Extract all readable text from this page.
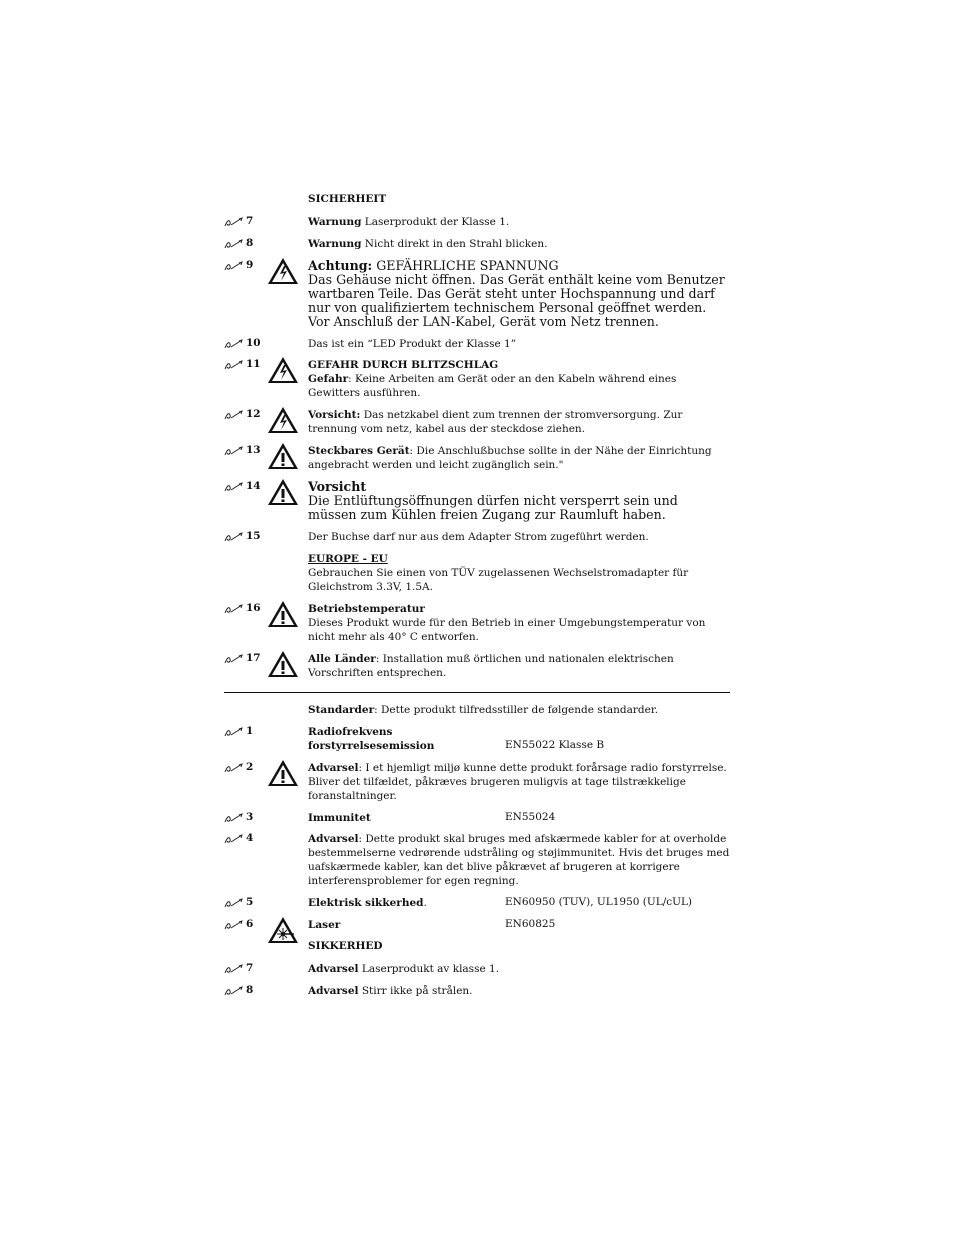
SICHERHEIT
7	Warnung Laserprodukt der Klasse 1.
8	Warnung Nicht direkt in den Strahl blicken.
9	Achtung: GEFÄHRLICHE SPANNUNG
Das Gehäuse nicht öffnen. Das Gerät enthält keine vom Benutzer wartbaren Teile. Das Gerät steht unter Hochspannung und darf nur von qualifiziertem technischem Personal geöffnet werden. Vor Anschluß der LAN-Kabel, Gerät vom Netz trennen.
10	Das ist ein “LED Produkt der Klasse 1”
11	GEFAHR DURCH BLITZSCHLAG
Gefahr: Keine Arbeiten am Gerät oder an den Kabeln während eines Gewitters ausführen.
12	Vorsicht: Das netzkabel dient zum trennen der stromversorgung. Zur trennung vom netz, kabel aus der steckdose ziehen.
13	Steckbares Gerät: Die Anschlußbuchse sollte in der Nähe der Einrichtung angebracht werden und leicht zugänglich sein."
14	Vorsicht
Die Entlüftungsöffnungen dürfen nicht versperrt sein und müssen zum Kühlen freien Zugang zur Raumluft haben.
15	Der Buchse darf nur aus dem Adapter Strom zugeführt werden.
EUROPE - EU
Gebrauchen Sie einen von TÜV zugelassenen Wechselstromadapter für Gleichstrom 3.3V, 1.5A.
16	Betriebstemperatur
Dieses Produkt wurde für den Betrieb in einer Umgebungstemperatur von nicht mehr als 40° C entworfen.
17	Alle Länder: Installation muß örtlichen und nationalen elektrischen Vorschriften entsprechen.
Standarder: Dette produkt tilfredsstiller de følgende standarder.
1	Radiofrekvens
forstyrrelsesemission	EN55022 Klasse B
2	Advarsel: I et hjemligt miljø kunne dette produkt forårsage radio forstyrrelse. Bliver det tilfældet, påkræves brugeren muligvis at tage tilstrækkelige foranstaltninger.
3	Immunitet	EN55024
4	Advarsel: Dette produkt skal bruges med afskærmede kabler for at overholde bestemmelserne vedrørende udstråling og støjimmunitet. Hvis det bruges med uafskærmede kabler, kan det blive påkrævet af brugeren at korrigere interferensproblemer for egen regning.
5	Elektrisk sikkerhed.	EN60950 (TUV), UL1950 (UL/cUL)
6	Laser	EN60825
SIKKERHED
7	Advarsel Laserprodukt av klasse 1.
8	Advarsel Stirr ikke på strålen.
